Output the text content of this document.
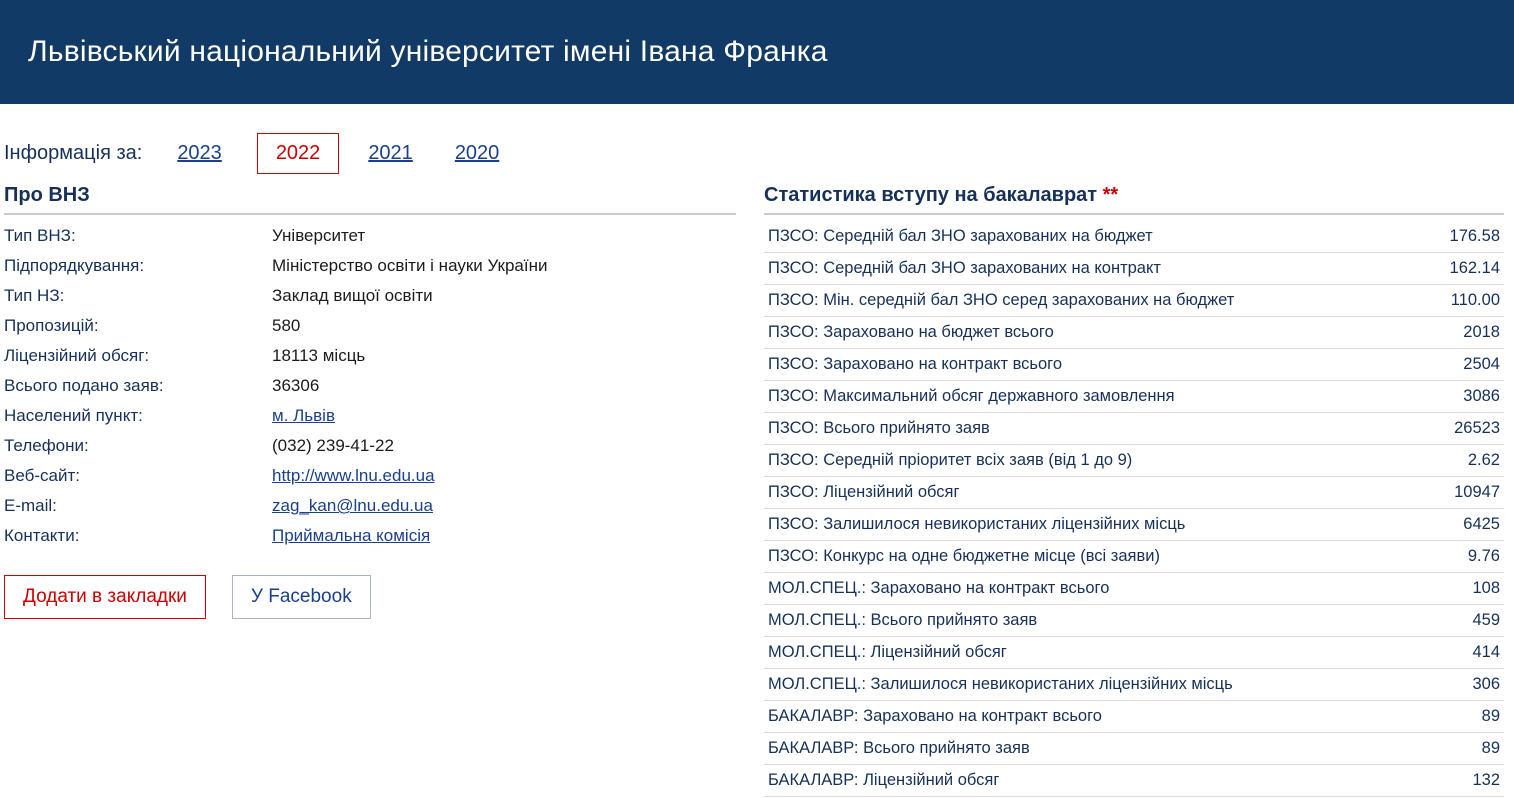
Львівський національний університет імені Івана Франка
Інформація за:	2023	2022	2021	2020
Про ВНЗ
Тип ВНЗ:	Університет
Підпорядкування:	Міністерство освіти і науки України
Тип НЗ:	Заклад вищої освіти
Пропозицій:	580
Ліцензійний обсяг:	18113 місць
Всього подано заяв:	36306
Населений пункт:	м. Львів
Телефони:	(032) 239-41-22
Веб-сайт:	http://www.lnu.edu.ua
E-mail:	zag_kan@lnu.edu.ua
Контакти:	Приймальна комісія
Додати в закладки	У Facebook
Статистика вступу на бакалаврат **
ПЗСО: Середній бал ЗНО зарахованих на бюджет	176.58
ПЗСО: Середній бал ЗНО зарахованих на контракт	162.14
ПЗСО: Мін. середній бал ЗНО серед зарахованих на бюджет	110.00
ПЗСО: Зараховано на бюджет всього	2018
ПЗСО: Зараховано на контракт всього	2504
ПЗСО: Максимальний обсяг державного замовлення	3086
ПЗСО: Всього прийнято заяв	26523
ПЗСО: Середній пріоритет всіх заяв (від 1 до 9)	2.62
ПЗСО: Ліцензійний обсяг	10947
ПЗСО: Залишилося невикористаних ліцензійних місць	6425
ПЗСО: Конкурс на одне бюджетне місце (всі заяви)	9.76
МОЛ.СПЕЦ.: Зараховано на контракт всього	108
МОЛ.СПЕЦ.: Всього прийнято заяв	459
МОЛ.СПЕЦ.: Ліцензійний обсяг	414
МОЛ.СПЕЦ.: Залишилося невикористаних ліцензійних місць	306
БАКАЛАВР: Зараховано на контракт всього	89
БАКАЛАВР: Всього прийнято заяв	89
БАКАЛАВР: Ліцензійний обсяг	132
